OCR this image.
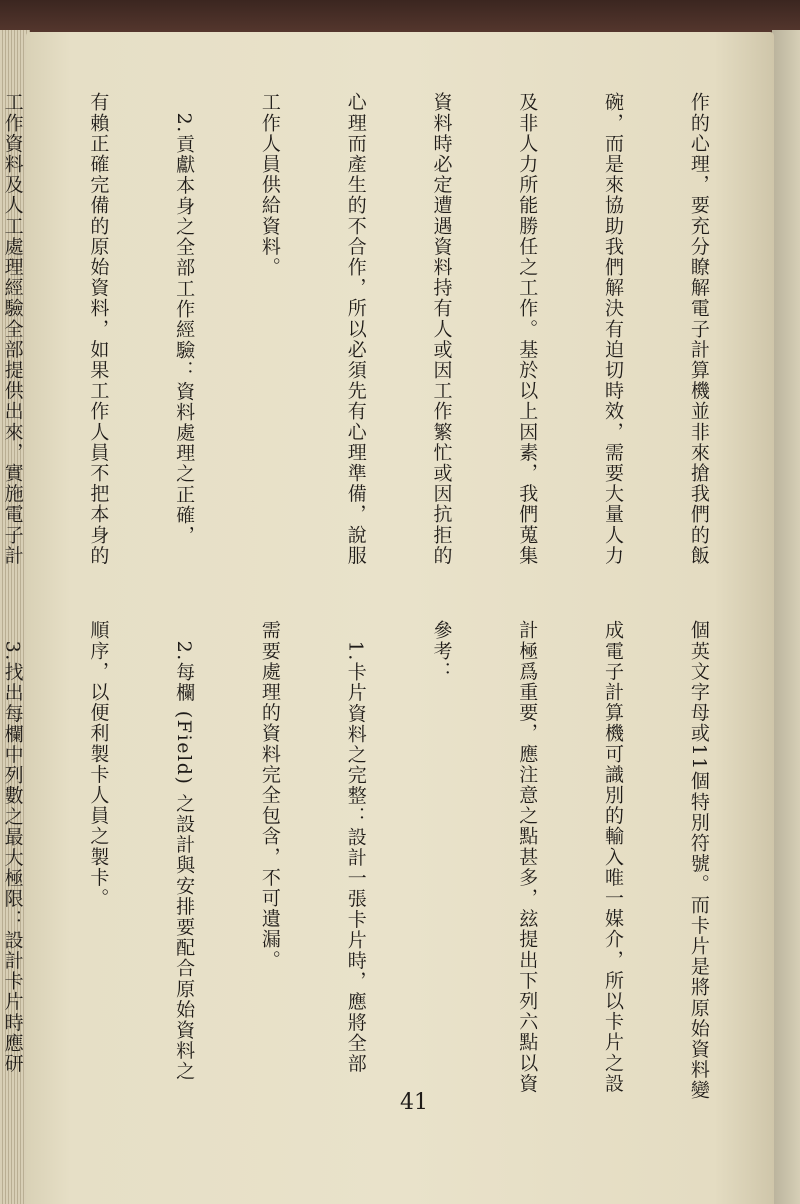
作的心理，要充分瞭解電子計算機並非來搶我們的飯

碗，而是來協助我們解決有迫切時效，需要大量人力

及非人力所能勝任之工作。基於以上因素，我們蒐集

資料時必定遭遇資料持有人或因工作繁忙或因抗拒的

心理而產生的不合作，所以必須先有心理準備，說服

工作人員供給資料。

　2.貢獻本身之全部工作經驗：資料處理之正確，

有賴正確完備的原始資料，如果工作人員不把本身的

工作資料及人工處理經驗全部提供出來，實施電子計

個英文字母或11個特別符號。而卡片是將原始資料變

成電子計算機可識別的輸入唯一媒介，所以卡片之設

計極爲重要，應注意之點甚多，玆提出下列六點以資

參考：

　1.卡片資料之完整：設計一張卡片時，應將全部

需要處理的資料完全包含，不可遺漏。

　2.每欄 (Field) 之設計與安排要配合原始資料之

順序，以便利製卡人員之製卡。

　3.找出每欄中列數之最大極限：設計卡片時應研

41
